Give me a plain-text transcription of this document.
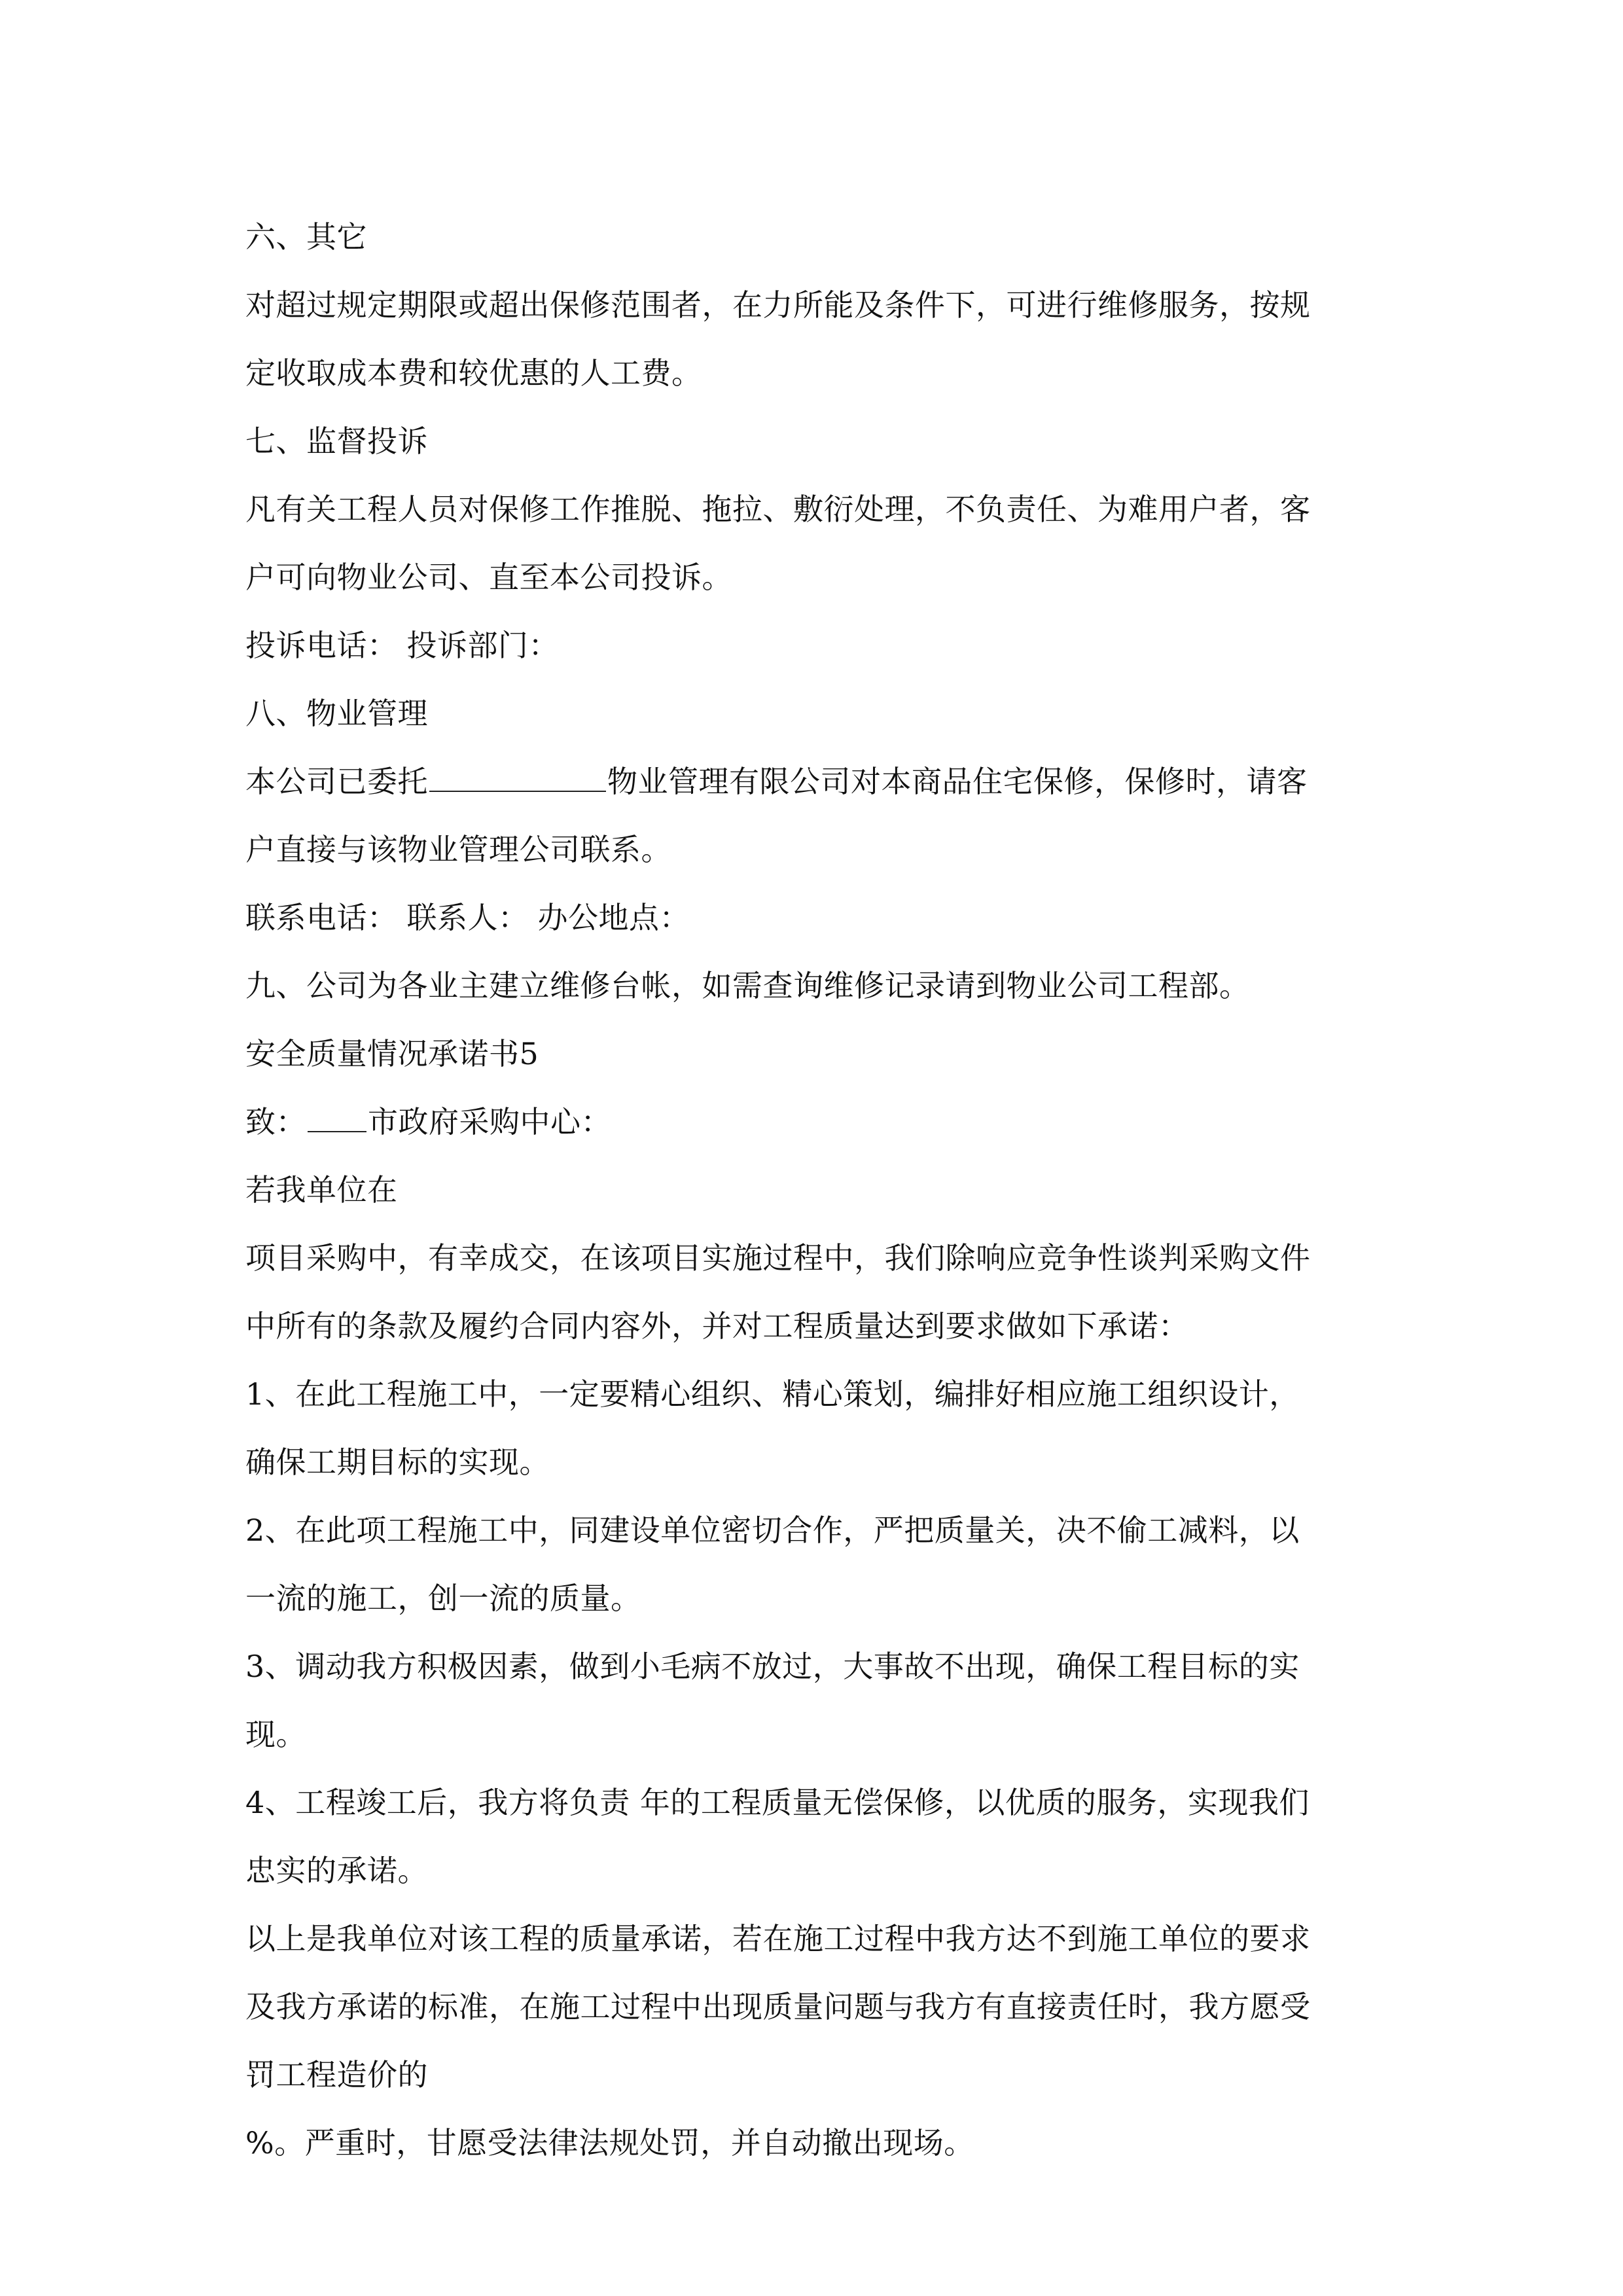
六、其它
对超过规定期限或超出保修范围者，在力所能及条件下，可进行维修服务，按规
定收取成本费和较优惠的人工费。
七、监督投诉
凡有关工程人员对保修工作推脱、拖拉、敷衍处理，不负责任、为难用户者，客
户可向物业公司、直至本公司投诉。
投诉电话： 投诉部门：
八、物业管理
本公司已委托	物业管理有限公司对本商品住宅保修，保修时，请客
户直接与该物业管理公司联系。
联系电话： 联系人： 办公地点：
九、公司为各业主建立维修台帐，如需查询维修记录请到物业公司工程部。
安全质量情况承诺书5
致： 市政府采购中心：
若我单位在
项目采购中，有幸成交，在该项目实施过程中，我们除响应竞争性谈判采购文件
中所有的条款及履约合同内容外，并对工程质量达到要求做如下承诺：
1、在此工程施工中，一定要精心组织、精心策划，编排好相应施工组织设计，
确保工期目标的实现。
2、在此项工程施工中，同建设单位密切合作，严把质量关，决不偷工减料，以
一流的施工，创一流的质量。
3、调动我方积极因素，做到小毛病不放过，大事故不出现，确保工程目标的实
现。
4、工程竣工后，我方将负责 年的工程质量无偿保修，以优质的服务，实现我们
忠实的承诺。
以上是我单位对该工程的质量承诺，若在施工过程中我方达不到施工单位的要求
及我方承诺的标准，在施工过程中出现质量问题与我方有直接责任时，我方愿受
罚工程造价的
%。严重时，甘愿受法律法规处罚，并自动撤出现场。
